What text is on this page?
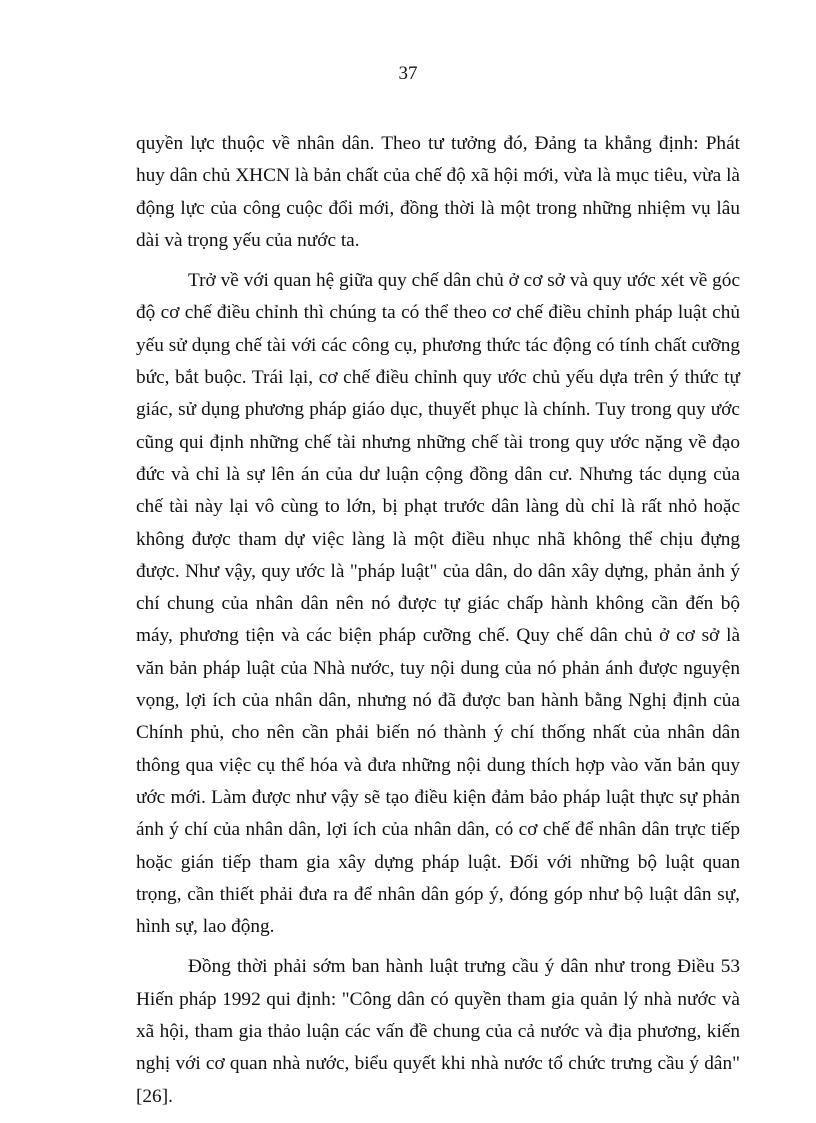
37

quyền lực thuộc về nhân dân. Theo tư tưởng đó, Đảng ta khẳng định: Phát huy dân chủ XHCN là bản chất của chế độ xã hội mới, vừa là mục tiêu, vừa là động lực của công cuộc đổi mới, đồng thời là một trong những nhiệm vụ lâu dài và trọng yếu của nước ta.

Trở về với quan hệ giữa quy chế dân chủ ở cơ sở và quy ước xét về góc độ cơ chế điều chỉnh thì chúng ta có thể theo cơ chế điều chỉnh pháp luật chủ yếu sử dụng chế tài với các công cụ, phương thức tác động có tính chất cưỡng bức, bắt buộc. Trái lại, cơ chế điều chỉnh quy ước chủ yếu dựa trên ý thức tự giác, sử dụng phương pháp giáo dục, thuyết phục là chính. Tuy trong quy ước cũng qui định những chế tài nhưng những chế tài trong quy ước nặng về đạo đức và chỉ là sự lên án của dư luận cộng đồng dân cư. Nhưng tác dụng của chế tài này lại vô cùng to lớn, bị phạt trước dân làng dù chỉ là rất nhỏ hoặc không được tham dự việc làng là một điều nhục nhã không thể chịu đựng được. Như vậy, quy ước là "pháp luật" của dân, do dân xây dựng, phản ảnh ý chí chung của nhân dân nên nó được tự giác chấp hành không cần đến bộ máy, phương tiện và các biện pháp cưỡng chế. Quy chế dân chủ ở cơ sở là văn bản pháp luật của Nhà nước, tuy nội dung của nó phản ánh được nguyện vọng, lợi ích của nhân dân, nhưng nó đã được ban hành bằng Nghị định của Chính phủ, cho nên cần phải biến nó thành ý chí thống nhất của nhân dân thông qua việc cụ thể hóa và đưa những nội dung thích hợp vào văn bản quy ước mới. Làm được như vậy sẽ tạo điều kiện đảm bảo pháp luật thực sự phản ánh ý chí của nhân dân, lợi ích của nhân dân, có cơ chế để nhân dân trực tiếp hoặc gián tiếp tham gia xây dựng pháp luật. Đối với những bộ luật quan trọng, cần thiết phải đưa ra để nhân dân góp ý, đóng góp như bộ luật dân sự, hình sự, lao động.

Đồng thời phải sớm ban hành luật trưng cầu ý dân như trong Điều 53 Hiến pháp 1992 qui định: "Công dân có quyền tham gia quản lý nhà nước và xã hội, tham gia thảo luận các vấn đề chung của cả nước và địa phương, kiến nghị với cơ quan nhà nước, biểu quyết khi nhà nước tổ chức trưng cầu ý dân" [26].
